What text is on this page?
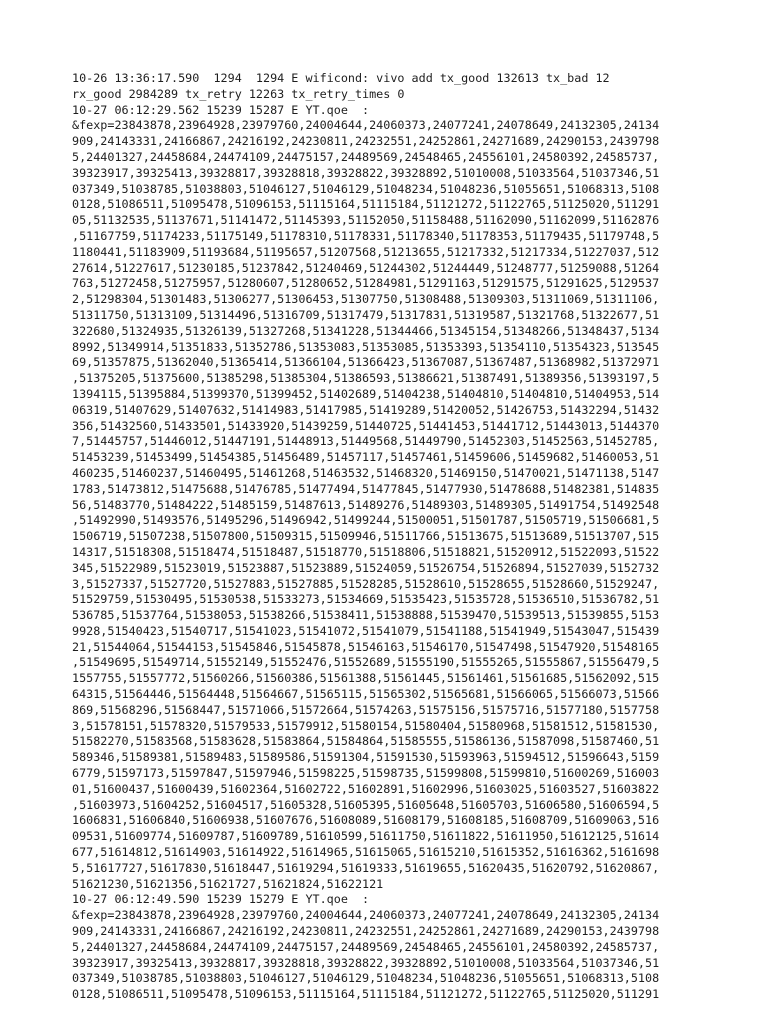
10-26 13:36:17.590  1294  1294 E wificond: vivo add tx_good 132613 tx_bad 12
rx_good 2984289 tx_retry 12263 tx_retry_times 0
10-27 06:12:29.562 15239 15287 E YT.qoe  :
&fexp=23843878,23964928,23979760,24004644,24060373,24077241,24078649,24132305,24134
909,24143331,24166867,24216192,24230811,24232551,24252861,24271689,24290153,2439798
5,24401327,24458684,24474109,24475157,24489569,24548465,24556101,24580392,24585737,
39323917,39325413,39328817,39328818,39328822,39328892,51010008,51033564,51037346,51
037349,51038785,51038803,51046127,51046129,51048234,51048236,51055651,51068313,5108
0128,51086511,51095478,51096153,51115164,51115184,51121272,51122765,51125020,511291
05,51132535,51137671,51141472,51145393,51152050,51158488,51162090,51162099,51162876
,51167759,51174233,51175149,51178310,51178331,51178340,51178353,51179435,51179748,5
1180441,51183909,51193684,51195657,51207568,51213655,51217332,51217334,51227037,512
27614,51227617,51230185,51237842,51240469,51244302,51244449,51248777,51259088,51264
763,51272458,51275957,51280607,51280652,51284981,51291163,51291575,51291625,5129537
2,51298304,51301483,51306277,51306453,51307750,51308488,51309303,51311069,51311106,
51311750,51313109,51314496,51316709,51317479,51317831,51319587,51321768,51322677,51
322680,51324935,51326139,51327268,51341228,51344466,51345154,51348266,51348437,5134
8992,51349914,51351833,51352786,51353083,51353085,51353393,51354110,51354323,513545
69,51357875,51362040,51365414,51366104,51366423,51367087,51367487,51368982,51372971
,51375205,51375600,51385298,51385304,51386593,51386621,51387491,51389356,51393197,5
1394115,51395884,51399370,51399452,51402689,51404238,51404810,51404810,51404953,514
06319,51407629,51407632,51414983,51417985,51419289,51420052,51426753,51432294,51432
356,51432560,51433501,51433920,51439259,51440725,51441453,51441712,51443013,5144370
7,51445757,51446012,51447191,51448913,51449568,51449790,51452303,51452563,51452785,
51453239,51453499,51454385,51456489,51457117,51457461,51459606,51459682,51460053,51
460235,51460237,51460495,51461268,51463532,51468320,51469150,51470021,51471138,5147
1783,51473812,51475688,51476785,51477494,51477845,51477930,51478688,51482381,514835
56,51483770,51484222,51485159,51487613,51489276,51489303,51489305,51491754,51492548
,51492990,51493576,51495296,51496942,51499244,51500051,51501787,51505719,51506681,5
1506719,51507238,51507800,51509315,51509946,51511766,51513675,51513689,51513707,515
14317,51518308,51518474,51518487,51518770,51518806,51518821,51520912,51522093,51522
345,51522989,51523019,51523887,51523889,51524059,51526754,51526894,51527039,5152732
3,51527337,51527720,51527883,51527885,51528285,51528610,51528655,51528660,51529247,
51529759,51530495,51530538,51533273,51534669,51535423,51535728,51536510,51536782,51
536785,51537764,51538053,51538266,51538411,51538888,51539470,51539513,51539855,5153
9928,51540423,51540717,51541023,51541072,51541079,51541188,51541949,51543047,515439
21,51544064,51544153,51545846,51545878,51546163,51546170,51547498,51547920,51548165
,51549695,51549714,51552149,51552476,51552689,51555190,51555265,51555867,51556479,5
1557755,51557772,51560266,51560386,51561388,51561445,51561461,51561685,51562092,515
64315,51564446,51564448,51564667,51565115,51565302,51565681,51566065,51566073,51566
869,51568296,51568447,51571066,51572664,51574263,51575156,51575716,51577180,5157758
3,51578151,51578320,51579533,51579912,51580154,51580404,51580968,51581512,51581530,
51582270,51583568,51583628,51583864,51584864,51585555,51586136,51587098,51587460,51
589346,51589381,51589483,51589586,51591304,51591530,51593963,51594512,51596643,5159
6779,51597173,51597847,51597946,51598225,51598735,51599808,51599810,51600269,516003
01,51600437,51600439,51602364,51602722,51602891,51602996,51603025,51603527,51603822
,51603973,51604252,51604517,51605328,51605395,51605648,51605703,51606580,51606594,5
1606831,51606840,51606938,51607676,51608089,51608179,51608185,51608709,51609063,516
09531,51609774,51609787,51609789,51610599,51611750,51611822,51611950,51612125,51614
677,51614812,51614903,51614922,51614965,51615065,51615210,51615352,51616362,5161698
5,51617727,51617830,51618447,51619294,51619333,51619655,51620435,51620792,51620867,
51621230,51621356,51621727,51621824,51622121
10-27 06:12:49.590 15239 15279 E YT.qoe  :
&fexp=23843878,23964928,23979760,24004644,24060373,24077241,24078649,24132305,24134
909,24143331,24166867,24216192,24230811,24232551,24252861,24271689,24290153,2439798
5,24401327,24458684,24474109,24475157,24489569,24548465,24556101,24580392,24585737,
39323917,39325413,39328817,39328818,39328822,39328892,51010008,51033564,51037346,51
037349,51038785,51038803,51046127,51046129,51048234,51048236,51055651,51068313,5108
0128,51086511,51095478,51096153,51115164,51115184,51121272,51122765,51125020,511291
